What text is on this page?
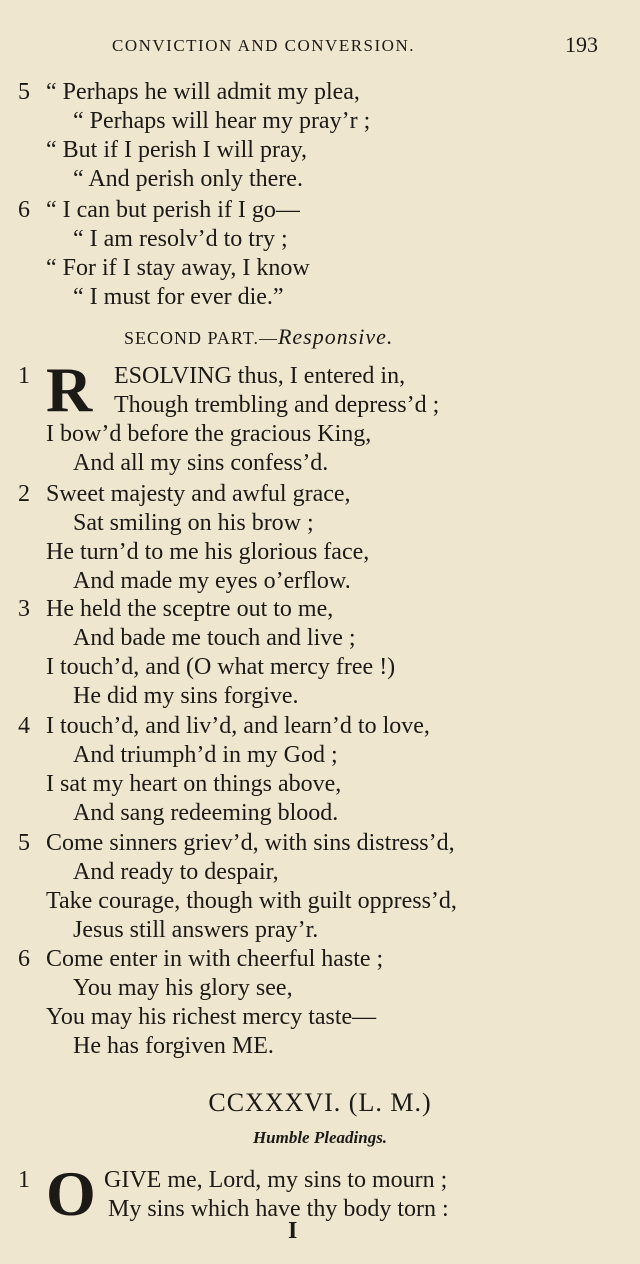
CONVICTION AND CONVERSION.	193
5 “ Perhaps he will admit my plea,
“ Perhaps will hear my pray’r ;
“ But if I perish I will pray,
“ And perish only there.
6 “ I can but perish if I go—
“ I am resolv’d to try ;
“ For if I stay away, I know
“ I must for ever die.”
SECOND PART.—Responsive.
R
1	ESOLVING thus, I entered in,
Though trembling and depress’d ;
I bow’d before the gracious King,
And all my sins confess’d.
2 Sweet majesty and awful grace,
Sat smiling on his brow ;
He turn’d to me his glorious face,
And made my eyes o’erflow.
3 He held the sceptre out to me,
And bade me touch and live ;
I touch’d, and (O what mercy free !)
He did my sins forgive.
4 I touch’d, and liv’d, and learn’d to love,
And triumph’d in my God ;
I sat my heart on things above,
And sang redeeming blood.
5 Come sinners griev’d, with sins distress’d,
And ready to despair,
Take courage, though with guilt oppress’d,
Jesus still answers pray’r.
6 Come enter in with cheerful haste ;
You may his glory see,
You may his richest mercy taste—
He has forgiven ME.
CCXXXVI. (L. M.)
Humble Pleadings.
O
1	GIVE me, Lord, my sins to mourn ;
My sins which have thy body torn :
I
